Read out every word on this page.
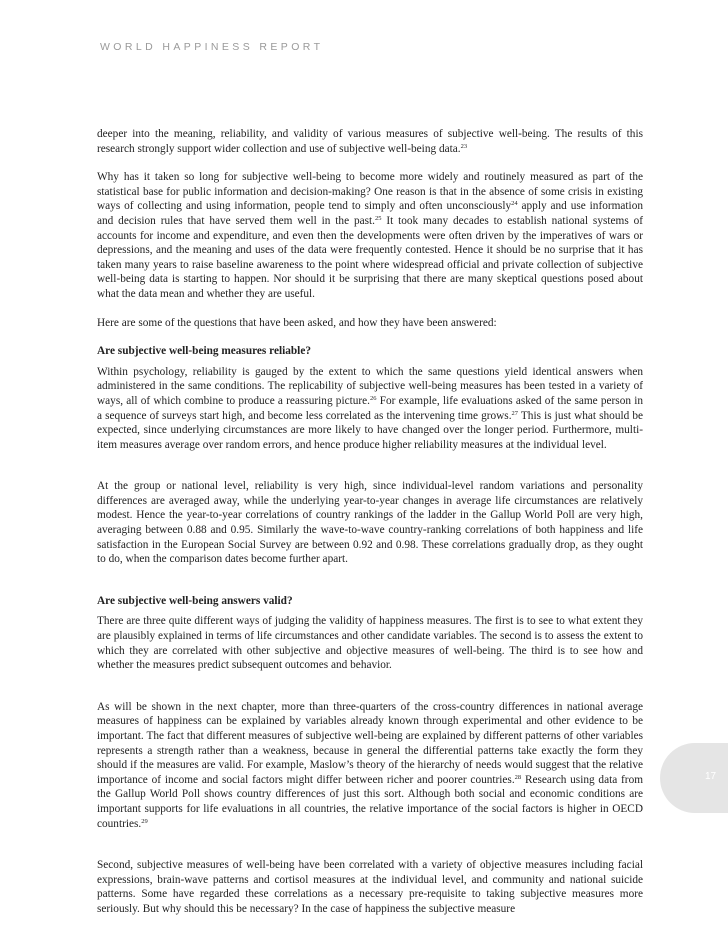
WORLD HAPPINESS REPORT

deeper into the meaning, reliability, and validity of various measures of subjective well-being. The results of this research strongly support wider collection and use of subjective well-being data.$^{23}$

Why has it taken so long for subjective well-being to become more widely and routinely measured as part of the statistical base for public information and decision-making? One reason is that in the absence of some crisis in existing ways of collecting and using information, people tend to simply and often unconsciously$^{24}$ apply and use information and decision rules that have served them well in the past.$^{25}$ It took many decades to establish national systems of accounts for income and expenditure, and even then the developments were often driven by the imperatives of wars or depressions, and the meaning and uses of the data were frequently contested. Hence it should be no surprise that it has taken many years to raise baseline awareness to the point where widespread official and private collection of subjective well-being data is starting to happen. Nor should it be surprising that there are many skeptical questions posed about what the data mean and whether they are useful.

Here are some of the questions that have been asked, and how they have been answered:

Are subjective well-being measures reliable?

Within psychology, reliability is gauged by the extent to which the same questions yield identical answers when administered in the same conditions. The replicability of subjective well-being measures has been tested in a variety of ways, all of which combine to produce a reassuring picture.$^{26}$ For example, life evaluations asked of the same person in a sequence of surveys start high, and become less correlated as the intervening time grows.$^{27}$ This is just what should be expected, since underlying circumstances are more likely to have changed over the longer period. Furthermore, multi-item measures average over random errors, and hence produce higher reliability measures at the individual level.

At the group or national level, reliability is very high, since individual-level random variations and personality differences are averaged away, while the underlying year-to-year changes in average life circumstances are relatively modest. Hence the year-to-year correlations of country rankings of the ladder in the Gallup World Poll are very high, averaging between 0.88 and 0.95. Similarly the wave-to-wave country-ranking correlations of both happiness and life satisfaction in the European Social Survey are between 0.92 and 0.98. These correlations gradually drop, as they ought to do, when the comparison dates become further apart.

Are subjective well-being answers valid?

There are three quite different ways of judging the validity of happiness measures. The first is to see to what extent they are plausibly explained in terms of life circumstances and other candidate variables. The second is to assess the extent to which they are correlated with other subjective and objective measures of well-being. The third is to see how and whether the measures predict subsequent outcomes and behavior.

As will be shown in the next chapter, more than three-quarters of the cross-country differences in national average measures of happiness can be explained by variables already known through experimental and other evidence to be important. The fact that different measures of subjective well-being are explained by different patterns of other variables represents a strength rather than a weakness, because in general the differential patterns take exactly the form they should if the measures are valid. For example, Maslow’s theory of the hierarchy of needs would suggest that the relative importance of income and social factors might differ between richer and poorer countries.$^{28}$ Research using data from the Gallup World Poll shows country differences of just this sort. Although both social and economic conditions are important supports for life evaluations in all countries, the relative importance of the social factors is higher in OECD countries.$^{29}$

Second, subjective measures of well-being have been correlated with a variety of objective measures including facial expressions, brain-wave patterns and cortisol measures at the individual level, and community and national suicide patterns. Some have regarded these correlations as a necessary pre-requisite to taking subjective measures more seriously. But why should this be necessary? In the case of happiness the subjective measure

17
